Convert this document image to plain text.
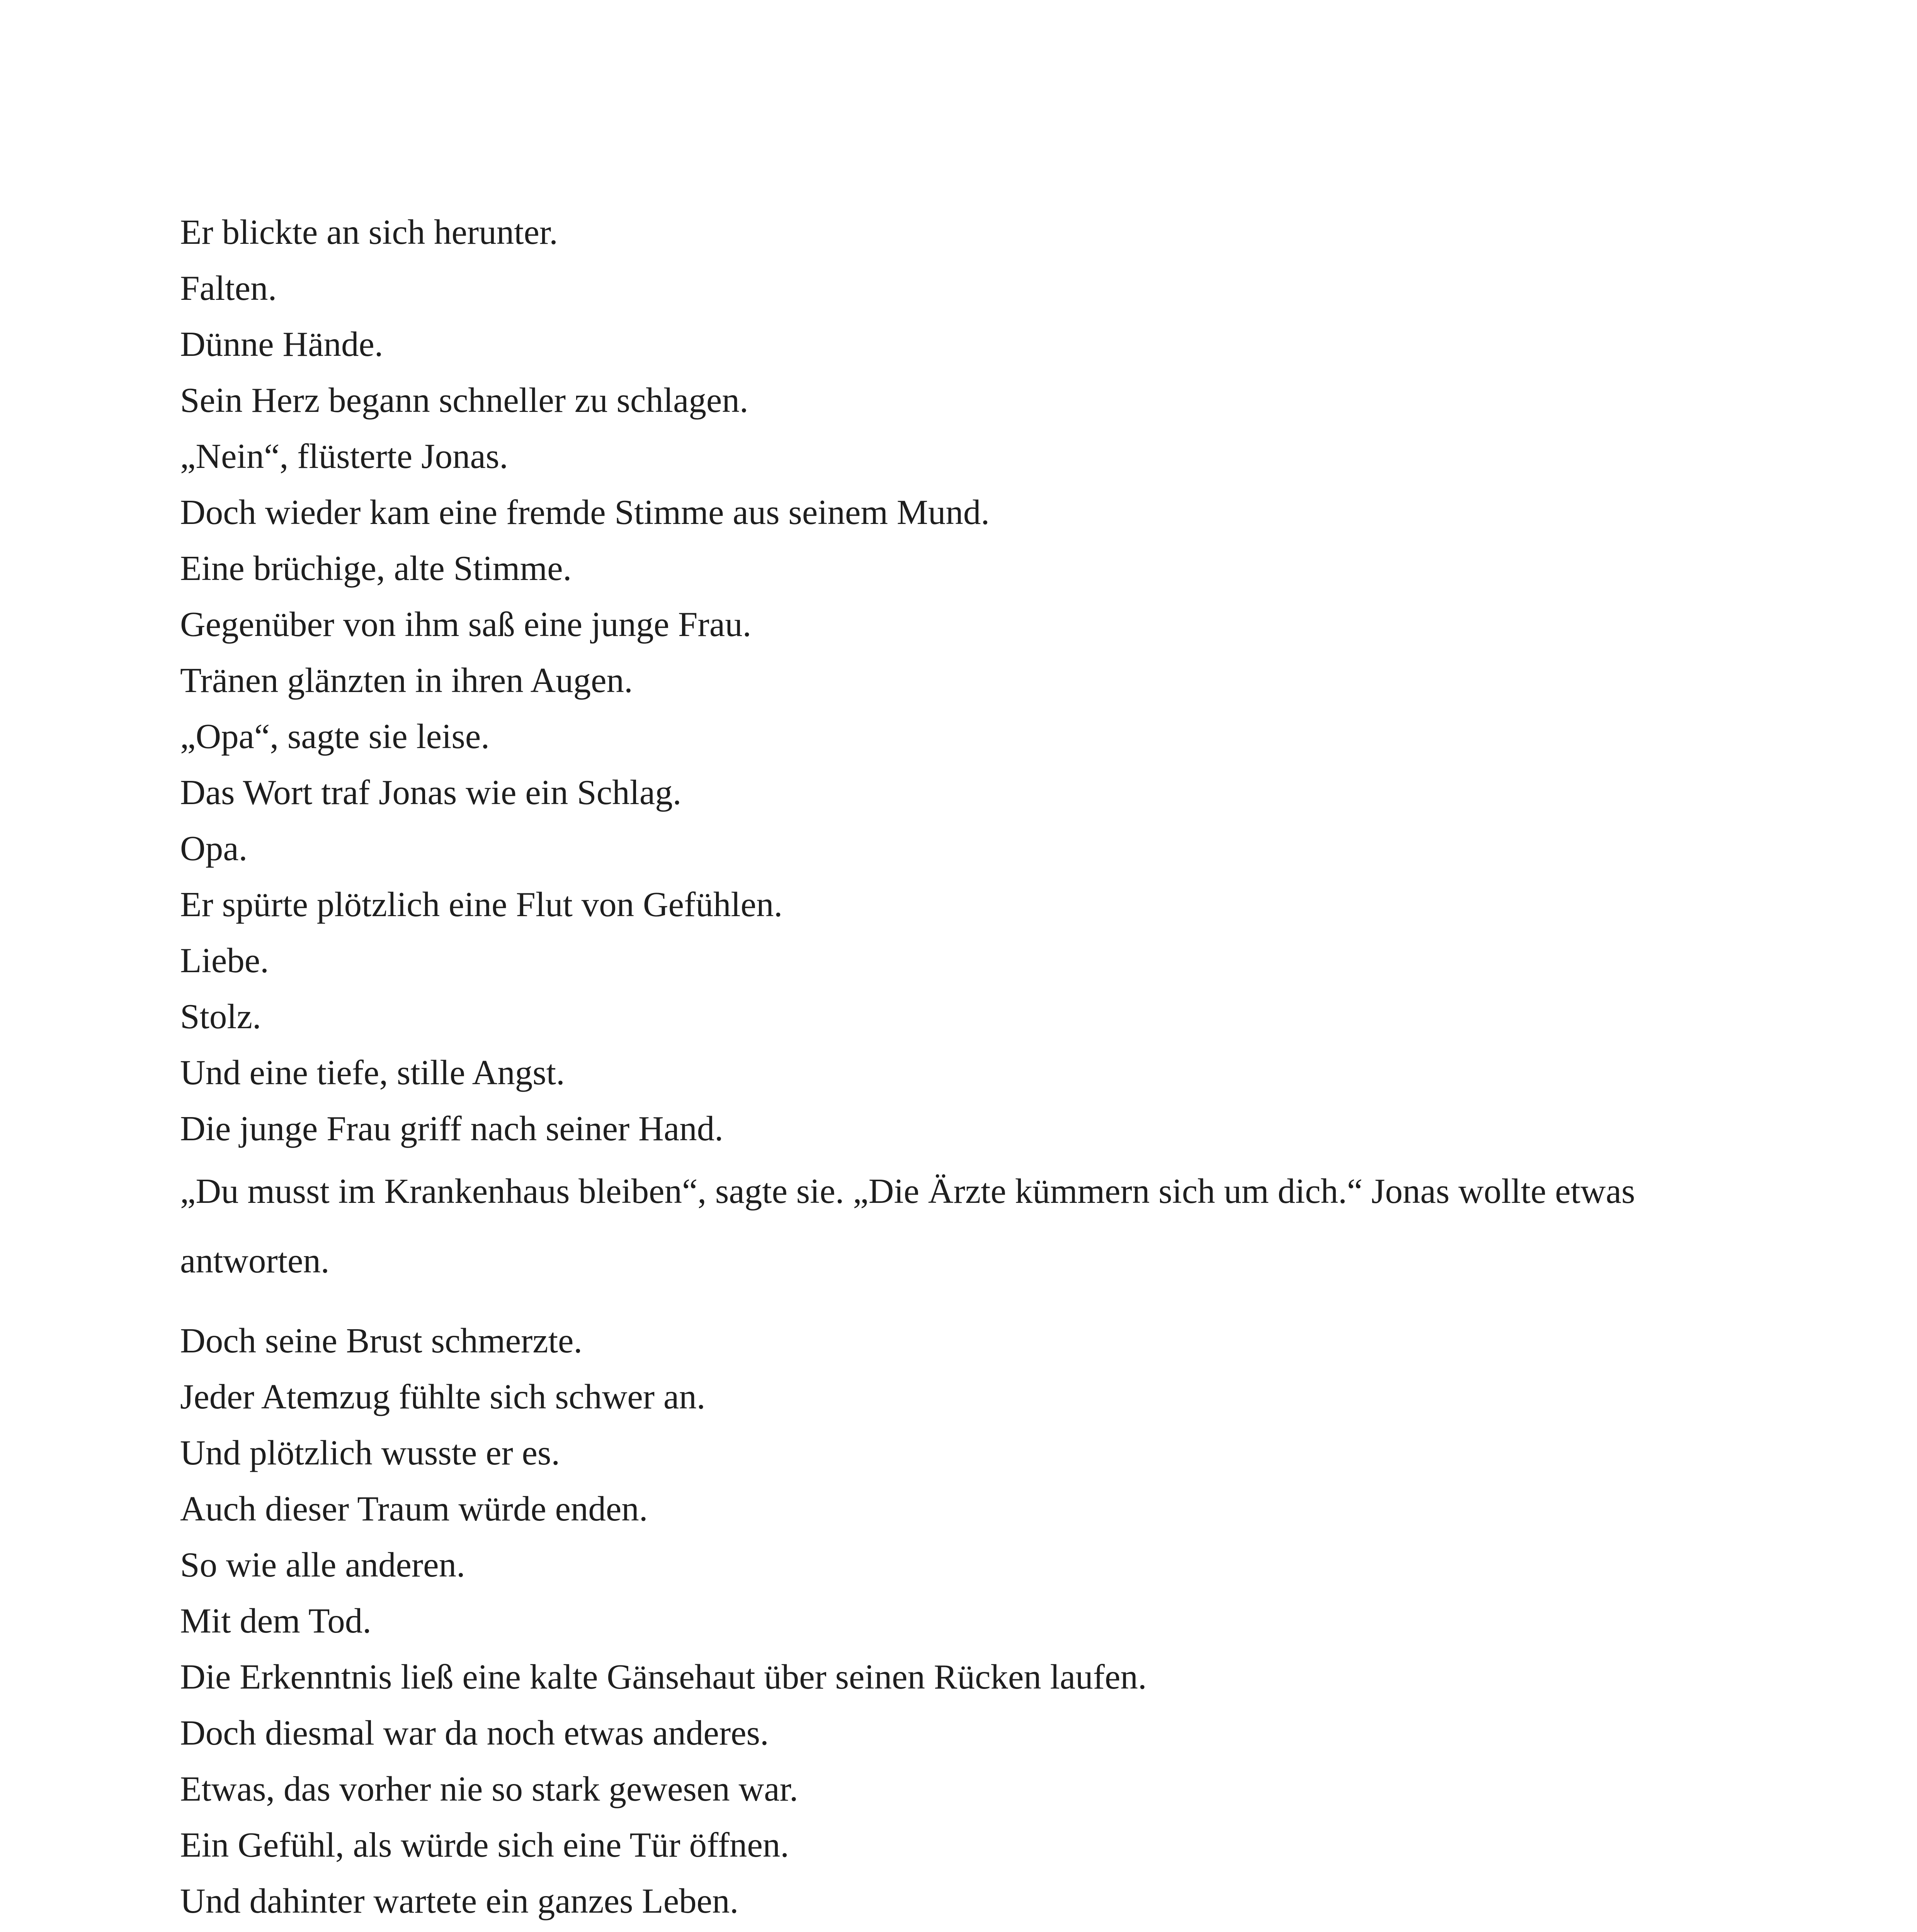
Er blickte an sich herunter.

Falten.

Dünne Hände.

Sein Herz begann schneller zu schlagen.

„Nein“, flüsterte Jonas.

Doch wieder kam eine fremde Stimme aus seinem Mund.

Eine brüchige, alte Stimme.

Gegenüber von ihm saß eine junge Frau.

Tränen glänzten in ihren Augen.

„Opa“, sagte sie leise.

Das Wort traf Jonas wie ein Schlag.

Opa.

Er spürte plötzlich eine Flut von Gefühlen.

Liebe.

Stolz.

Und eine tiefe, stille Angst.

Die junge Frau griff nach seiner Hand.

„Du musst im Krankenhaus bleiben“, sagte sie. „Die Ärzte kümmern sich um dich.“ Jonas wollte etwas antworten.

Doch seine Brust schmerzte.

Jeder Atemzug fühlte sich schwer an.

Und plötzlich wusste er es.

Auch dieser Traum würde enden.

So wie alle anderen.

Mit dem Tod.

Die Erkenntnis ließ eine kalte Gänsehaut über seinen Rücken laufen.

Doch diesmal war da noch etwas anderes.

Etwas, das vorher nie so stark gewesen war.

Ein Gefühl, als würde sich eine Tür öffnen.

Und dahinter wartete ein ganzes Leben.
